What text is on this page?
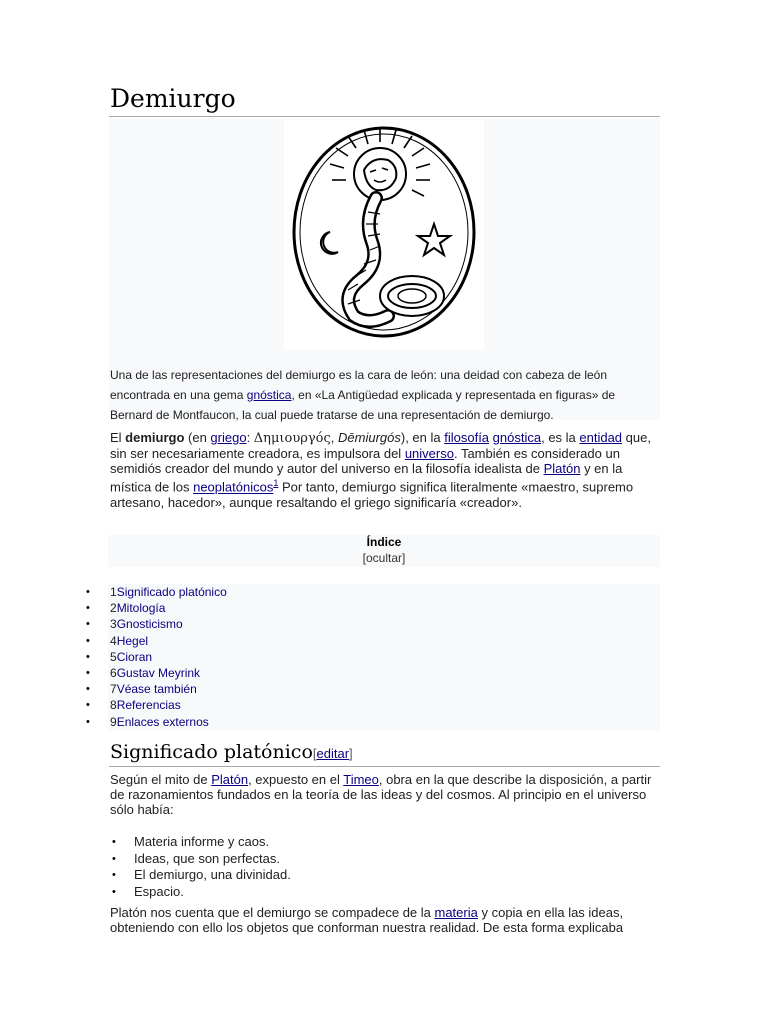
Demiurgo
Una de las representaciones del demiurgo es la cara de león: una deidad con cabeza de león encontrada en una gema gnóstica, en «La Antigüedad explicada y representada en figuras» de Bernard de Montfaucon, la cual puede tratarse de una representación de demiurgo.
El demiurgo (en griego: Δημιουργός, Dēmiurgós), en la filosofía gnóstica, es la entidad que, sin ser necesariamente creadora, es impulsora del universo. También es considerado un semidiós creador del mundo y autor del universo en la filosofía idealista de Platón y en la mística de los neoplatónicos$^1$ Por tanto, demiurgo significa literalmente «maestro, supremo artesano, hacedor», aunque resaltando el griego significaría «creador».
Índice
[ocultar]
• 1Significado platónico
• 2Mitología
• 3Gnosticismo
• 4Hegel
• 5Cioran
• 6Gustav Meyrink
• 7Véase también
• 8Referencias
• 9Enlaces externos
Significado platónico[editar]

Según el mito de Platón, expuesto en el Timeo, obra en la que describe la disposición, a partir de razonamientos fundados en la teoría de las ideas y del cosmos. Al principio en el universo sólo había:

• Materia informe y caos.
• Ideas, que son perfectas.
• El demiurgo, una divinidad.
• Espacio.

Platón nos cuenta que el demiurgo se compadece de la materia y copia en ella las ideas, obteniendo con ello los objetos que conforman nuestra realidad. De esta forma explicaba
